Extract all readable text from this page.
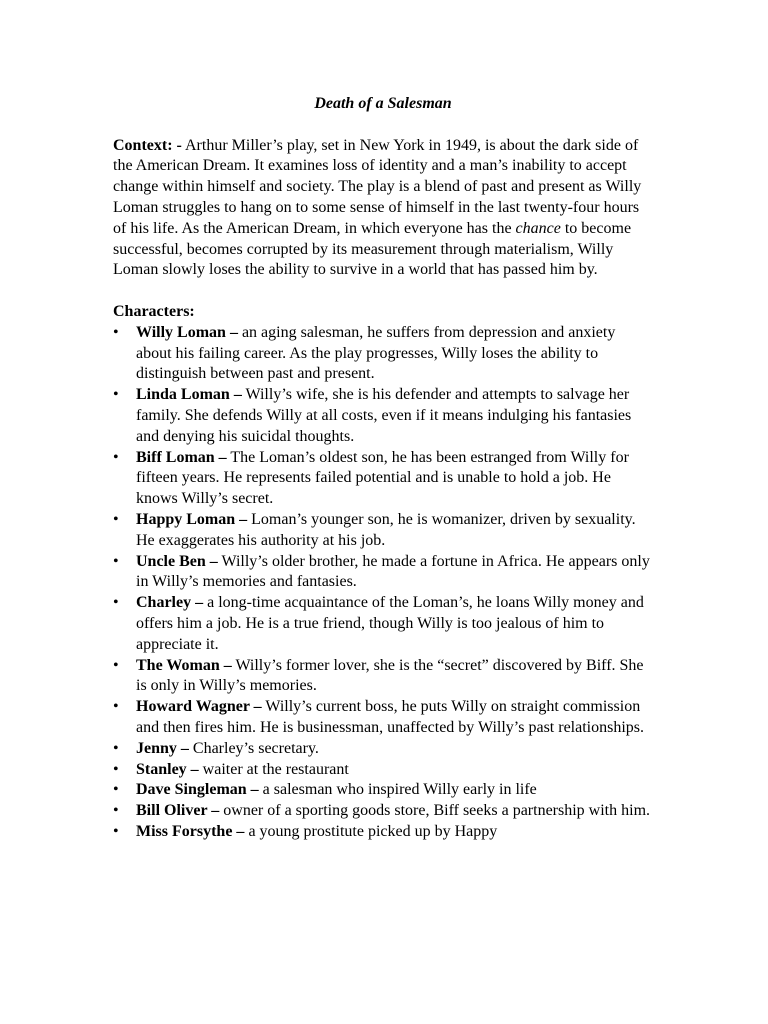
Death of a Salesman
Context: - Arthur Miller’s play, set in New York in 1949, is about the dark side of the American Dream. It examines loss of identity and a man’s inability to accept change within himself and society. The play is a blend of past and present as Willy Loman struggles to hang on to some sense of himself in the last twenty-four hours of his life. As the American Dream, in which everyone has the chance to become successful, becomes corrupted by its measurement through materialism, Willy Loman slowly loses the ability to survive in a world that has passed him by.
Characters:
• Willy Loman – an aging salesman, he suffers from depression and anxiety about his failing career. As the play progresses, Willy loses the ability to distinguish between past and present.
• Linda Loman – Willy’s wife, she is his defender and attempts to salvage her family. She defends Willy at all costs, even if it means indulging his fantasies and denying his suicidal thoughts.
• Biff Loman – The Loman’s oldest son, he has been estranged from Willy for fifteen years. He represents failed potential and is unable to hold a job. He knows Willy’s secret.
• Happy Loman – Loman’s younger son, he is womanizer, driven by sexuality. He exaggerates his authority at his job.
• Uncle Ben – Willy’s older brother, he made a fortune in Africa. He appears only in Willy’s memories and fantasies.
• Charley – a long-time acquaintance of the Loman’s, he loans Willy money and offers him a job. He is a true friend, though Willy is too jealous of him to appreciate it.
• The Woman – Willy’s former lover, she is the “secret” discovered by Biff. She is only in Willy’s memories.
• Howard Wagner – Willy’s current boss, he puts Willy on straight commission and then fires him. He is businessman, unaffected by Willy’s past relationships.
• Jenny – Charley’s secretary.
• Stanley – waiter at the restaurant
• Dave Singleman – a salesman who inspired Willy early in life
• Bill Oliver – owner of a sporting goods store, Biff seeks a partnership with him.
• Miss Forsythe – a young prostitute picked up by Happy
